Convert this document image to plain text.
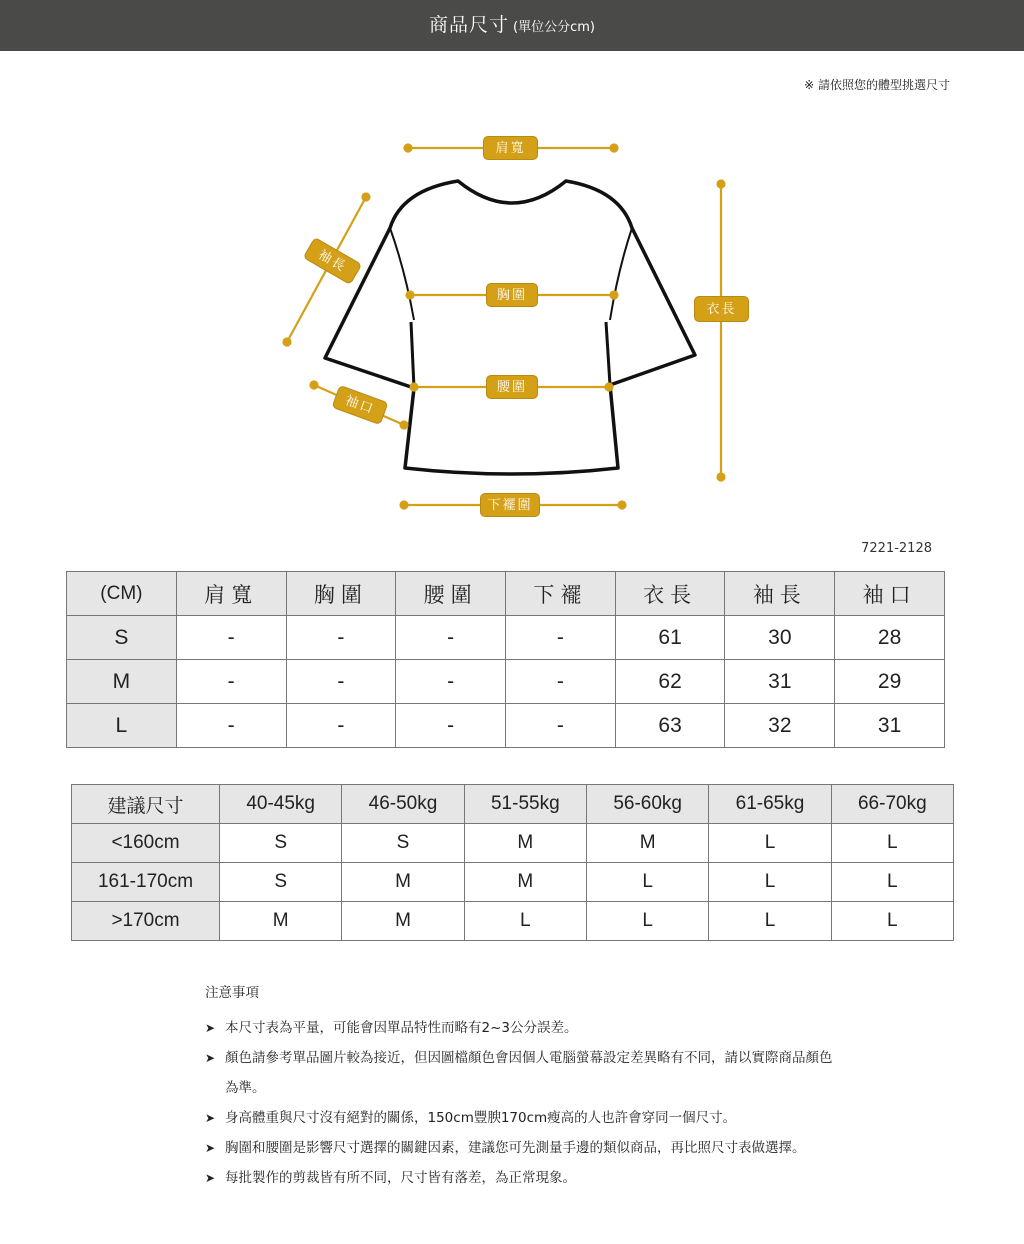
商品尺寸 (單位公分cm)
※ 請依照您的體型挑選尺寸
肩寬
袖長
胸圍
衣長
腰圍
袖口
下襬圍
7221-2128
(CM)	肩寬	胸圍	腰圍	下襬	衣長	袖長	袖口
S	-	-	-	-	61	30	28
M	-	-	-	-	62	31	29
L	-	-	-	-	63	32	31
建議尺寸	40-45kg	46-50kg	51-55kg	56-60kg	61-65kg	66-70kg
<160cm	S	S	M	M	L	L
161-170cm	S	M	M	L	L	L
>170cm	M	M	L	L	L	L
注意事項
➤ 本尺寸表為平量，可能會因單品特性而略有2~3公分誤差。
➤ 顏色請參考單品圖片較為接近，但因圖檔顏色會因個人電腦螢幕設定差異略有不同，請以實際商品顏色為準。
➤ 身高體重與尺寸沒有絕對的關係，150cm豐腴170cm瘦高的人也許會穿同一個尺寸。
➤ 胸圍和腰圍是影響尺寸選擇的關鍵因素，建議您可先測量手邊的類似商品，再比照尺寸表做選擇。
➤ 每批製作的剪裁皆有所不同，尺寸皆有落差，為正常現象。
